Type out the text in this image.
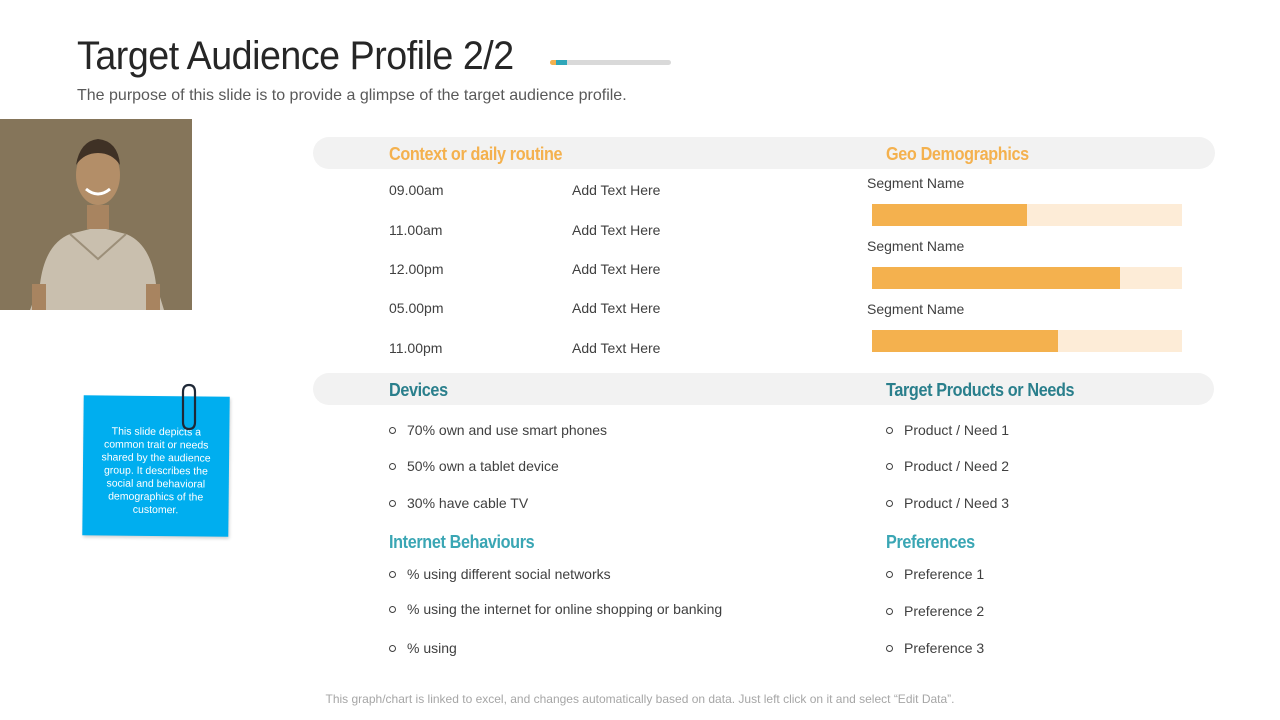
Target Audience Profile 2/2
The purpose of this slide is to provide a glimpse of the target audience profile.
This slide depicts a common trait or needs shared by the audience group. It describes the social and behavioral demographics of the customer.
Context or daily routine	Geo Demographics
09.00am	Add Text Here
11.00am	Add Text Here
12.00pm	Add Text Here
05.00pm	Add Text Here
11.00pm	Add Text Here
Segment Name
Segment Name
Segment Name
Devices	Target Products or Needs
70% own and use smart phones
50% own a tablet device
30% have cable TV
Product / Need 1
Product / Need 2
Product / Need 3
Internet Behaviours
% using different social networks
% using the internet for online shopping or banking
% using
Preferences
Preference 1
Preference 2
Preference 3
This graph/chart is linked to excel, and changes automatically based on data. Just left click on it and select “Edit Data”.
